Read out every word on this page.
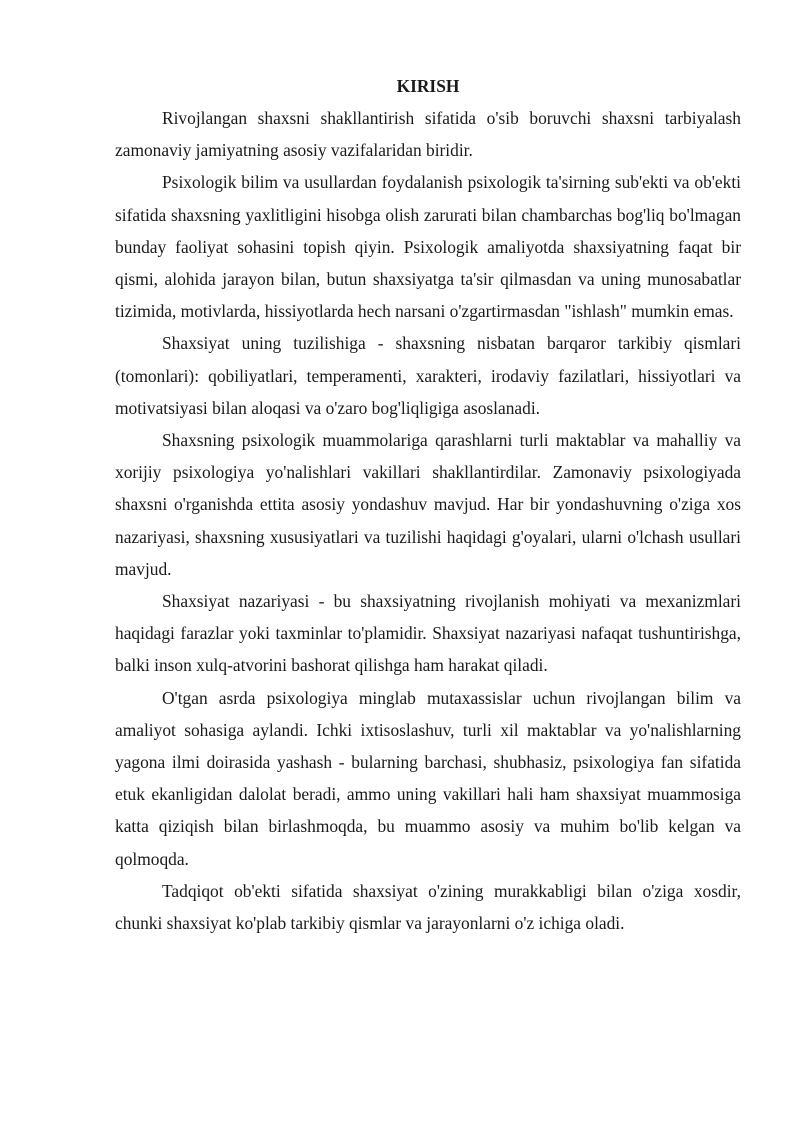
KIRISH

Rivojlangan shaxsni shakllantirish sifatida o'sib boruvchi shaxsni tarbiyalash zamonaviy jamiyatning asosiy vazifalaridan biridir.

Psixologik bilim va usullardan foydalanish psixologik ta'sirning sub'ekti va ob'ekti sifatida shaxsning yaxlitligini hisobga olish zarurati bilan chambarchas bog'liq bo'lmagan bunday faoliyat sohasini topish qiyin. Psixologik amaliyotda shaxsiyatning faqat bir qismi, alohida jarayon bilan, butun shaxsiyatga ta'sir qilmasdan va uning munosabatlar tizimida, motivlarda, hissiyotlarda hech narsani o'zgartirmasdan "ishlash" mumkin emas.

Shaxsiyat uning tuzilishiga - shaxsning nisbatan barqaror tarkibiy qismlari (tomonlari): qobiliyatlari, temperamenti, xarakteri, irodaviy fazilatlari, hissiyotlari va motivatsiyasi bilan aloqasi va o'zaro bog'liqligiga asoslanadi.

Shaxsning psixologik muammolariga qarashlarni turli maktablar va mahalliy va xorijiy psixologiya yo'nalishlari vakillari shakllantirdilar. Zamonaviy psixologiyada shaxsni o'rganishda ettita asosiy yondashuv mavjud. Har bir yondashuvning o'ziga xos nazariyasi, shaxsning xususiyatlari va tuzilishi haqidagi g'oyalari, ularni o'lchash usullari mavjud.

Shaxsiyat nazariyasi - bu shaxsiyatning rivojlanish mohiyati va mexanizmlari haqidagi farazlar yoki taxminlar to'plamidir. Shaxsiyat nazariyasi nafaqat tushuntirishga, balki inson xulq-atvorini bashorat qilishga ham harakat qiladi.

O'tgan asrda psixologiya minglab mutaxassislar uchun rivojlangan bilim va amaliyot sohasiga aylandi. Ichki ixtisoslashuv, turli xil maktablar va yo'nalishlarning yagona ilmi doirasida yashash - bularning barchasi, shubhasiz, psixologiya fan sifatida etuk ekanligidan dalolat beradi, ammo uning vakillari hali ham shaxsiyat muammosiga katta qiziqish bilan birlashmoqda, bu muammo asosiy va muhim bo'lib kelgan va qolmoqda.

Tadqiqot ob'ekti sifatida shaxsiyat o'zining murakkabligi bilan o'ziga xosdir, chunki shaxsiyat ko'plab tarkibiy qismlar va jarayonlarni o'z ichiga oladi.
